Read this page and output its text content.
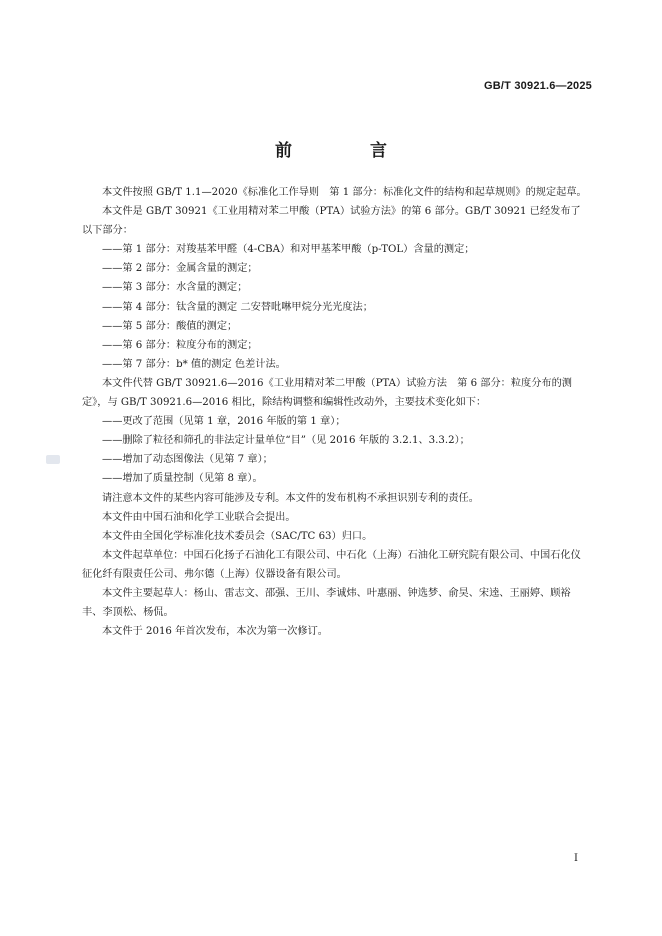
GB/T 30921.6—2025
前 言

本文件按照 GB/T 1.1—2020《标准化工作导则　第 1 部分：标准化文件的结构和起草规则》的规定起草。

本文件是 GB/T 30921《工业用精对苯二甲酸（PTA）试验方法》的第 6 部分。GB/T 30921 已经发布了以下部分：

——第 1 部分：对羧基苯甲醛（4-CBA）和对甲基苯甲酸（p-TOL）含量的测定；

——第 2 部分：金属含量的测定；

——第 3 部分：水含量的测定；

——第 4 部分：钛含量的测定 二安替吡啉甲烷分光光度法；

——第 5 部分：酸值的测定；

——第 6 部分：粒度分布的测定；

——第 7 部分：b* 值的测定 色差计法。

本文件代替 GB/T 30921.6—2016《工业用精对苯二甲酸（PTA）试验方法　第 6 部分：粒度分布的测定》，与 GB/T 30921.6—2016 相比，除结构调整和编辑性改动外，主要技术变化如下：

——更改了范围（见第 1 章，2016 年版的第 1 章）；

——删除了粒径和筛孔的非法定计量单位“目”（见 2016 年版的 3.2.1、3.3.2）；

——增加了动态图像法（见第 7 章）；

——增加了质量控制（见第 8 章）。

请注意本文件的某些内容可能涉及专利。本文件的发布机构不承担识别专利的责任。

本文件由中国石油和化学工业联合会提出。

本文件由全国化学标准化技术委员会（SAC/TC 63）归口。

本文件起草单位：中国石化扬子石油化工有限公司、中石化（上海）石油化工研究院有限公司、中国石化仪征化纤有限责任公司、弗尔德（上海）仪器设备有限公司。

本文件主要起草人：杨山、雷志文、邵强、王川、李诚炜、叶惠丽、钟选梦、俞昊、宋逵、王丽婷、顾裕丰、李顶松、杨侃。

本文件于 2016 年首次发布，本次为第一次修订。

I
